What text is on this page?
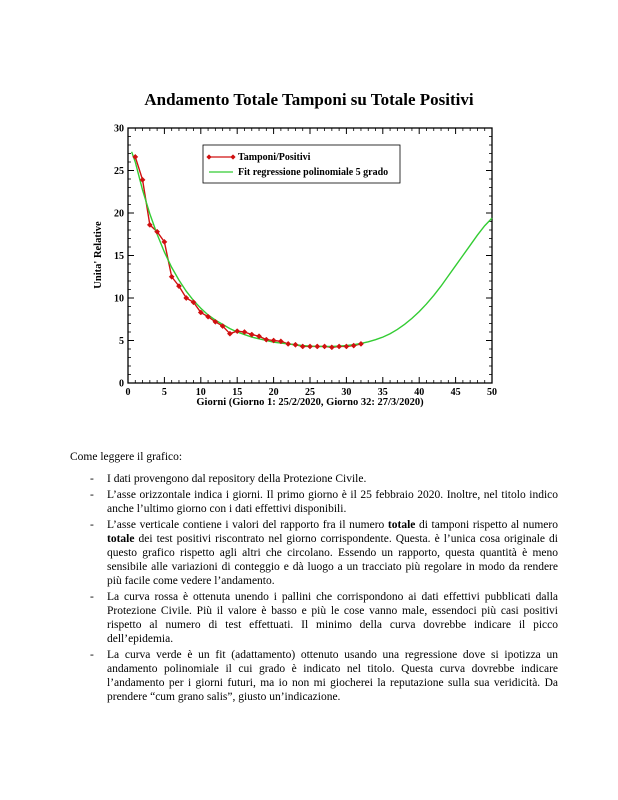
Andamento Totale Tamponi su Totale Positivi
0	5	10	15	20	25	30	35	40	45	50
0
5
10
15
20
25
30
Unita' Relative
Giorni (Giorno 1: 25/2/2020, Giorno 32: 27/3/2020)
Tamponi/Positivi
Fit regressione polinomiale 5 grado

Come leggere il grafico:

- I dati provengono dal repository della Protezione Civile.
- L’asse orizzontale indica i giorni. Il primo giorno è il 25 febbraio 2020. Inoltre, nel titolo indico anche l’ultimo giorno con i dati effettivi disponibili.
- L’asse verticale contiene i valori del rapporto fra il numero totale di tamponi rispetto al numero totale dei test positivi riscontrato nel giorno corrispondente. Questa. è l’unica cosa originale di questo grafico rispetto agli altri che circolano. Essendo un rapporto, questa quantità è meno sensibile alle variazioni di conteggio e dà luogo a un tracciato più regolare in modo da rendere più facile come vedere l’andamento.
- La curva rossa è ottenuta unendo i pallini che corrispondono ai dati effettivi pubblicati dalla Protezione Civile. Più il valore è basso e più le cose vanno male, essendoci più casi positivi rispetto al numero di test effettuati. Il minimo della curva dovrebbe indicare il picco dell’epidemia.
- La curva verde è un fit (adattamento) ottenuto usando una regressione dove si ipotizza un andamento polinomiale il cui grado è indicato nel titolo. Questa curva dovrebbe indicare l’andamento per i giorni futuri, ma io non mi giocherei la reputazione sulla sua veridicità. Da prendere “cum grano salis”, giusto un’indicazione.
